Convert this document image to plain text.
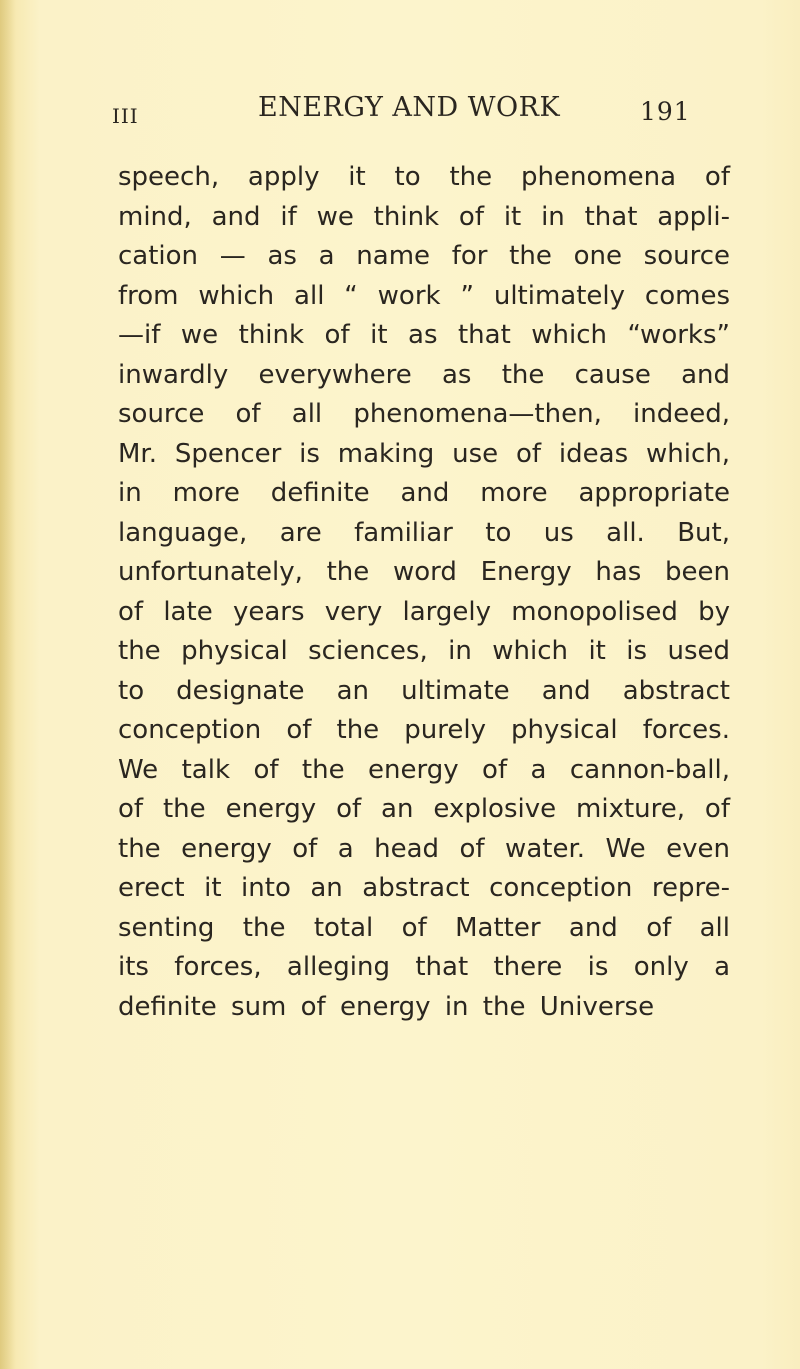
III	ENERGY AND WORK	191
speech, apply it to the phenomena of
mind, and if we think of it in that appli-
cation — as a name for the one source
from which all “ work ” ultimately comes
—if we think of it as that which “works”
inwardly everywhere as the cause and
source of all phenomena—then, indeed,
Mr. Spencer is making use of ideas which,
in more definite and more appropriate
language, are familiar to us all. But,
unfortunately, the word Energy has been
of late years very largely monopolised by
the physical sciences, in which it is used
to designate an ultimate and abstract
conception of the purely physical forces.
We talk of the energy of a cannon-ball,
of the energy of an explosive mixture, of
the energy of a head of water. We even
erect it into an abstract conception repre-
senting the total of Matter and of all
its forces, alleging that there is only a
definite sum of energy in the Universe
